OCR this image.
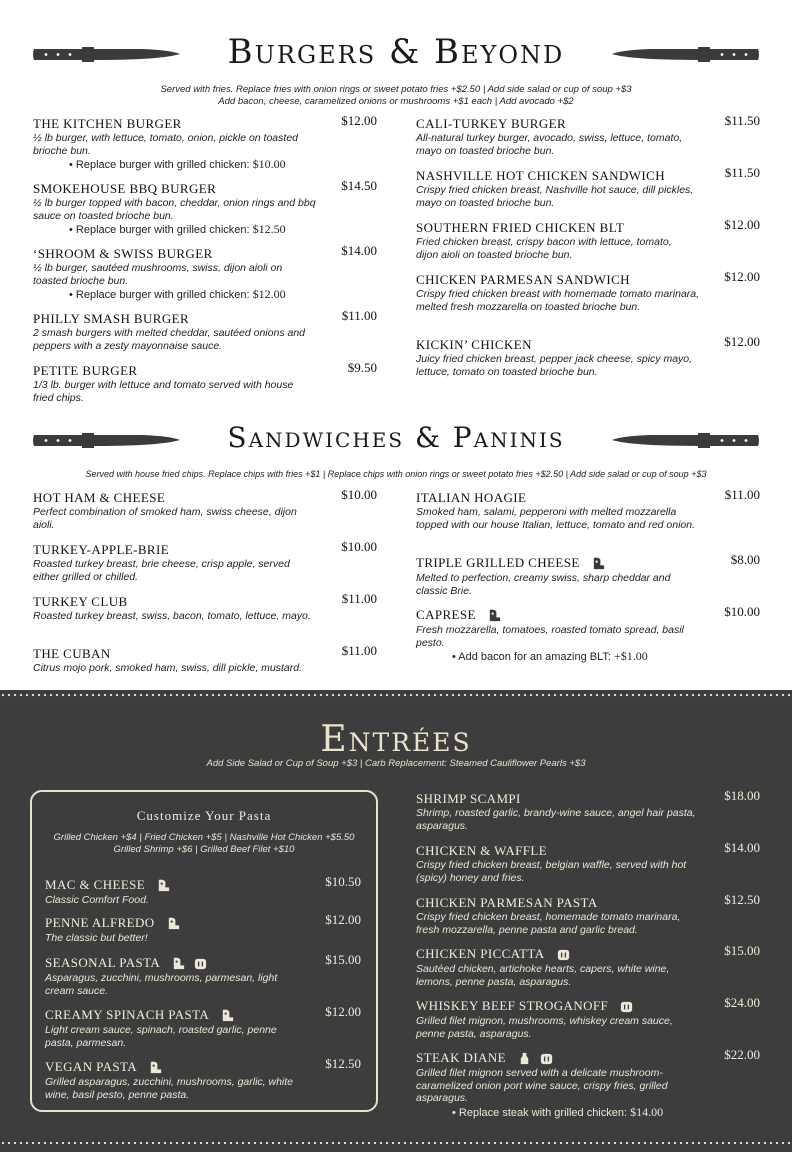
Burgers & Beyond
Served with fries. Replace fries with onion rings or sweet potato fries +$2.50 | Add side salad or cup of soup +$3
Add bacon, cheese, caramelized onions or mushrooms +$1 each | Add avocado +$2
THE KITCHEN BURGER	$12.00
½ lb burger, with lettuce, tomato, onion, pickle on toasted brioche bun.
• Replace burger with grilled chicken: $10.00
SMOKEHOUSE BBQ BURGER	$14.50
½ lb burger topped with bacon, cheddar, onion rings and bbq sauce on toasted brioche bun.
• Replace burger with grilled chicken: $12.50
‘SHROOM & SWISS BURGER	$14.00
½ lb burger, sautéed mushrooms, swiss, dijon aioli on toasted brioche bun.
• Replace burger with grilled chicken: $12.00
PHILLY SMASH BURGER	$11.00
2 smash burgers with melted cheddar, sautéed onions and peppers with a zesty mayonnaise sauce.
PETITE BURGER	$9.50
1/3 lb. burger with lettuce and tomato served with house fried chips.
CALI-TURKEY BURGER	$11.50
All-natural turkey burger, avocado, swiss, lettuce, tomato, mayo on toasted brioche bun.
NASHVILLE HOT CHICKEN SANDWICH	$11.50
Crispy fried chicken breast, Nashville hot sauce, dill pickles, mayo on toasted brioche bun.
SOUTHERN FRIED CHICKEN BLT	$12.00
Fried chicken breast, crispy bacon with lettuce, tomato, dijon aioli on toasted brioche bun.
CHICKEN PARMESAN SANDWICH	$12.00
Crispy fried chicken breast with homemade tomato marinara, melted fresh mozzarella on toasted brioche bun.
KICKIN’ CHICKEN	$12.00
Juicy fried chicken breast, pepper jack cheese, spicy mayo, lettuce, tomato on toasted brioche bun.
Sandwiches & Paninis
Served with house fried chips. Replace chips with fries +$1 | Replace chips with onion rings or sweet potato fries +$2.50 | Add side salad or cup of soup +$3
HOT HAM & CHEESE	$10.00
Perfect combination of smoked ham, swiss cheese, dijon aioli.
TURKEY-APPLE-BRIE	$10.00
Roasted turkey breast, brie cheese, crisp apple, served either grilled or chilled.
TURKEY CLUB	$11.00
Roasted turkey breast, swiss, bacon, tomato, lettuce, mayo.
THE CUBAN	$11.00
Citrus mojo pork, smoked ham, swiss, dill pickle, mustard.
ITALIAN HOAGIE	$11.00
Smoked ham, salami, pepperoni with melted mozzarella topped with our house Italian, lettuce, tomato and red onion.
TRIPLE GRILLED CHEESE	$8.00
Melted to perfection, creamy swiss, sharp cheddar and classic Brie.
CAPRESE	$10.00
Fresh mozzarella, tomatoes, roasted tomato spread, basil pesto.
• Add bacon for an amazing BLT: +$1.00
Entrées
Add Side Salad or Cup of Soup +$3 | Carb Replacement: Steamed Cauliflower Pearls +$3
Customize Your Pasta
Grilled Chicken +$4 | Fried Chicken +$5 | Nashville Hot Chicken +$5.50
Grilled Shrimp +$6 | Grilled Beef Filet +$10
MAC & CHEESE	$10.50
Classic Comfort Food.
PENNE ALFREDO	$12.00
The classic but better!
SEASONAL PASTA
	$15.00
Asparagus, zucchini, mushrooms, parmesan, light cream sauce.
CREAMY SPINACH PASTA	$12.00
Light cream sauce, spinach, roasted garlic, penne pasta, parmesan.
VEGAN PASTA	$12.50
Grilled asparagus, zucchini, mushrooms, garlic, white wine, basil pesto, penne pasta.
SHRIMP SCAMPI	$18.00
Shrimp, roasted garlic, brandy-wine sauce, angel hair pasta, asparagus.
CHICKEN & WAFFLE	$14.00
Crispy fried chicken breast, belgian waffle, served with hot (spicy) honey and fries.
CHICKEN PARMESAN PASTA	$12.50
Crispy fried chicken breast, homemade tomato marinara, fresh mozzarella, penne pasta and garlic bread.
CHICKEN PICCATTA	$15.00
Sautéed chicken, artichoke hearts, capers, white wine, lemons, penne pasta, asparagus.
WHISKEY BEEF STROGANOFF	$24.00
Grilled filet mignon, mushrooms, whiskey cream sauce, penne pasta, asparagus.
STEAK DIANE
	$22.00
Grilled filet mignon served with a delicate mushroom-caramelized onion port wine sauce, crispy fries, grilled asparagus.
• Replace steak with grilled chicken: $14.00
